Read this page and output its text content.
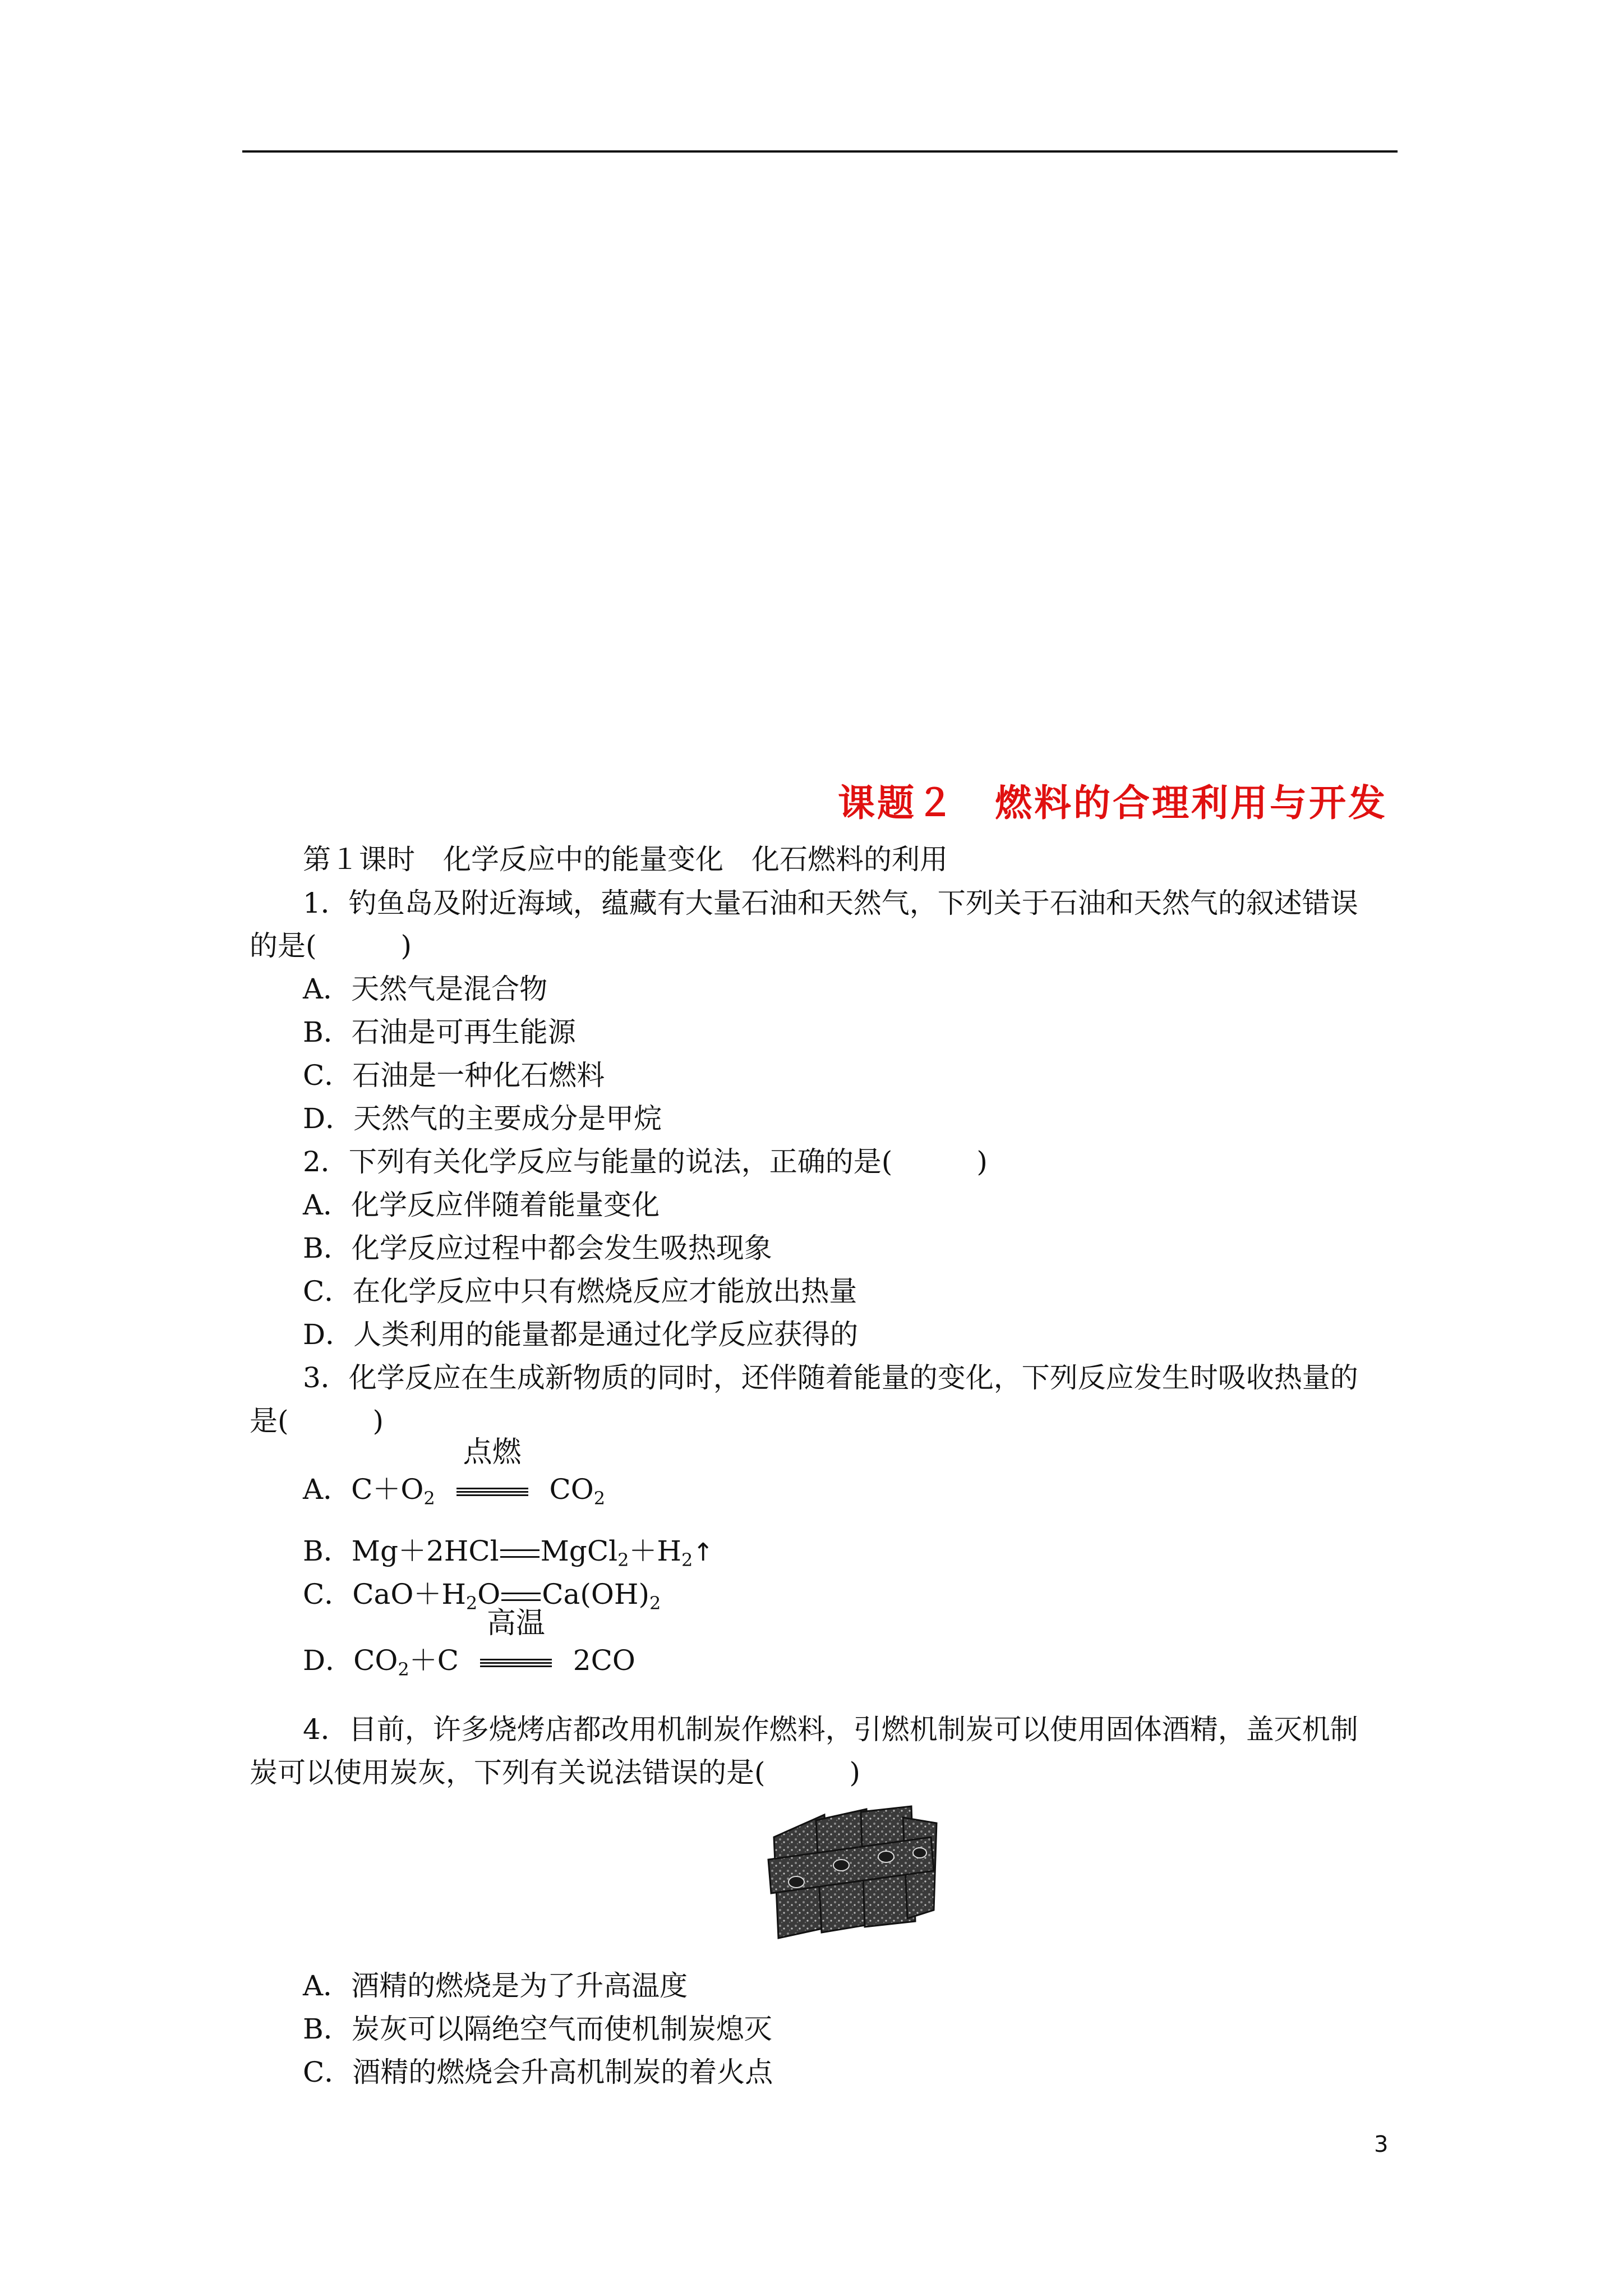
课题２　燃料的合理利用与开发
第１课时　化学反应中的能量变化　化石燃料的利用
1．钓鱼岛及附近海域，蕴藏有大量石油和天然气，下列关于石油和天然气的叙述错误
的是(　　　)
A．天然气是混合物
B．石油是可再生能源
C．石油是一种化石燃料
D．天然气的主要成分是甲烷
2．下列有关化学反应与能量的说法，正确的是(　　　)
A．化学反应伴随着能量变化
B．化学反应过程中都会发生吸热现象
C．在化学反应中只有燃烧反应才能放出热量
D．人类利用的能量都是通过化学反应获得的
3．化学反应在生成新物质的同时，还伴随着能量的变化，下列反应发生时吸收热量的
是(　　　)
A．$C+O_2$
点燃
$CO_2$
B．Mg＋2HCl $MgCl_2+H_2↑$
C．$CaO+H_2O$ $Ca(OH)_2$
D．$CO_2+C$
高温
2CO
4．目前，许多烧烤店都改用机制炭作燃料，引燃机制炭可以使用固体酒精，盖灭机制
炭可以使用炭灰，下列有关说法错误的是(　　　)
A．酒精的燃烧是为了升高温度
B．炭灰可以隔绝空气而使机制炭熄灭
C．酒精的燃烧会升高机制炭的着火点
3
